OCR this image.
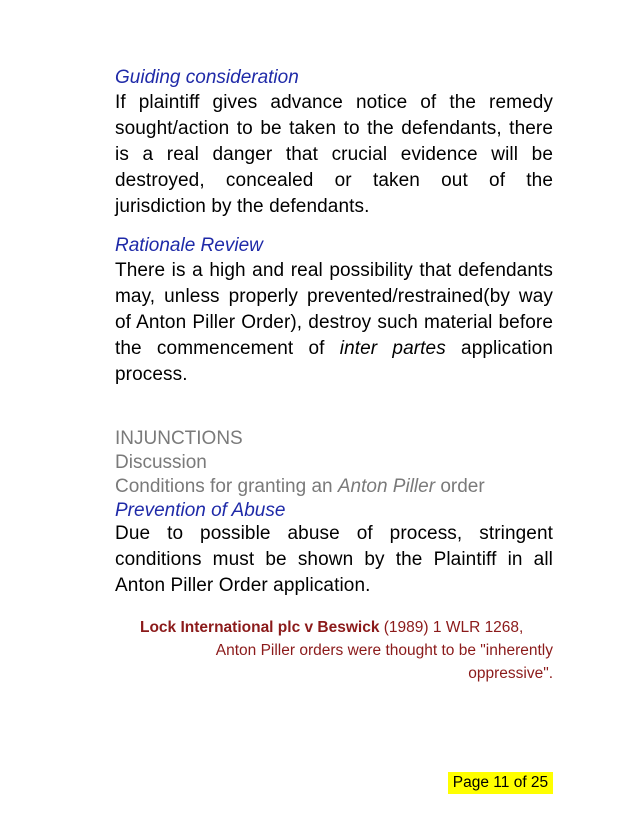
Guiding consideration
If plaintiff gives advance notice of the remedy sought/action to be taken to the defendants, there is a real danger that crucial evidence will be destroyed, concealed or taken out of the jurisdiction by the defendants.
Rationale Review
There is a high and real possibility that defendants may, unless properly prevented/restrained(by way of Anton Piller Order), destroy such material before the commencement of inter partes application process.
INJUNCTIONS
Discussion
Conditions for granting an Anton Piller order
Prevention of Abuse
Due to possible abuse of process, stringent conditions must be shown by the Plaintiff in all Anton Piller Order application.
Lock International plc v Beswick (1989) 1 WLR 1268,
Anton Piller orders were thought to be "inherently
oppressive".
Page 11 of 25
